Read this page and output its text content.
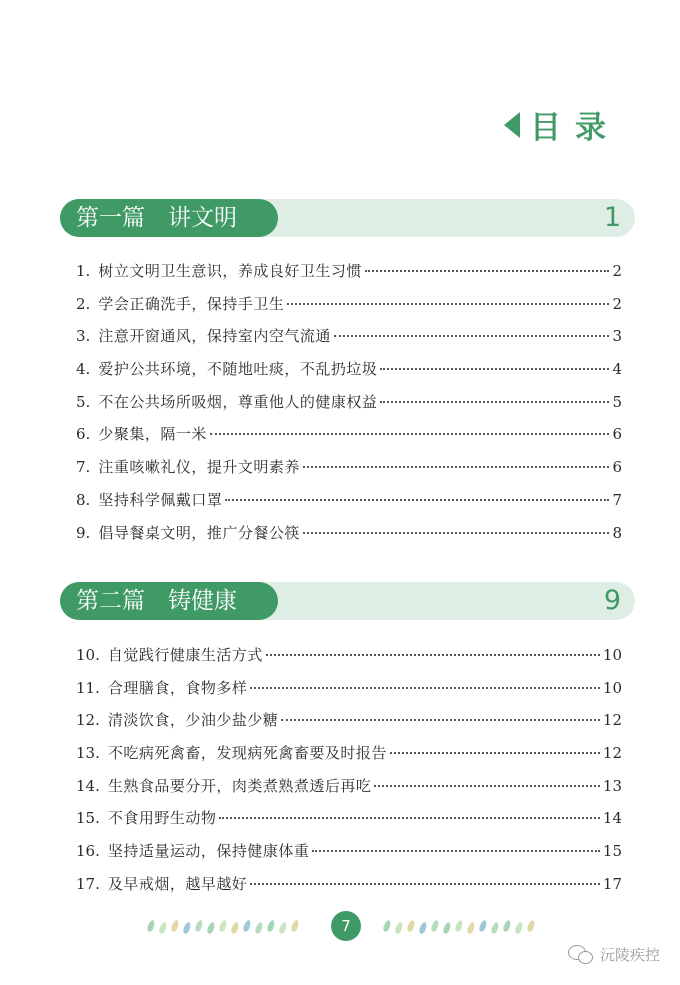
目录
第一篇　讲文明	1
1. 树立文明卫生意识，养成良好卫生习惯	2
2. 学会正确洗手，保持手卫生	2
3. 注意开窗通风，保持室内空气流通	3
4. 爱护公共环境，不随地吐痰，不乱扔垃圾	4
5. 不在公共场所吸烟，尊重他人的健康权益	5
6. 少聚集，隔一米	6
7. 注重咳嗽礼仪，提升文明素养	6
8. 坚持科学佩戴口罩	7
9. 倡导餐桌文明，推广分餐公筷	8
第二篇　铸健康	9
10. 自觉践行健康生活方式	10
11. 合理膳食，食物多样	10
12. 清淡饮食，少油少盐少糖	12
13. 不吃病死禽畜，发现病死禽畜要及时报告	12
14. 生熟食品要分开，肉类煮熟煮透后再吃	13
15. 不食用野生动物	14
16. 坚持适量运动，保持健康体重	15
17. 及早戒烟，越早越好	17
7
沅陵疾控
